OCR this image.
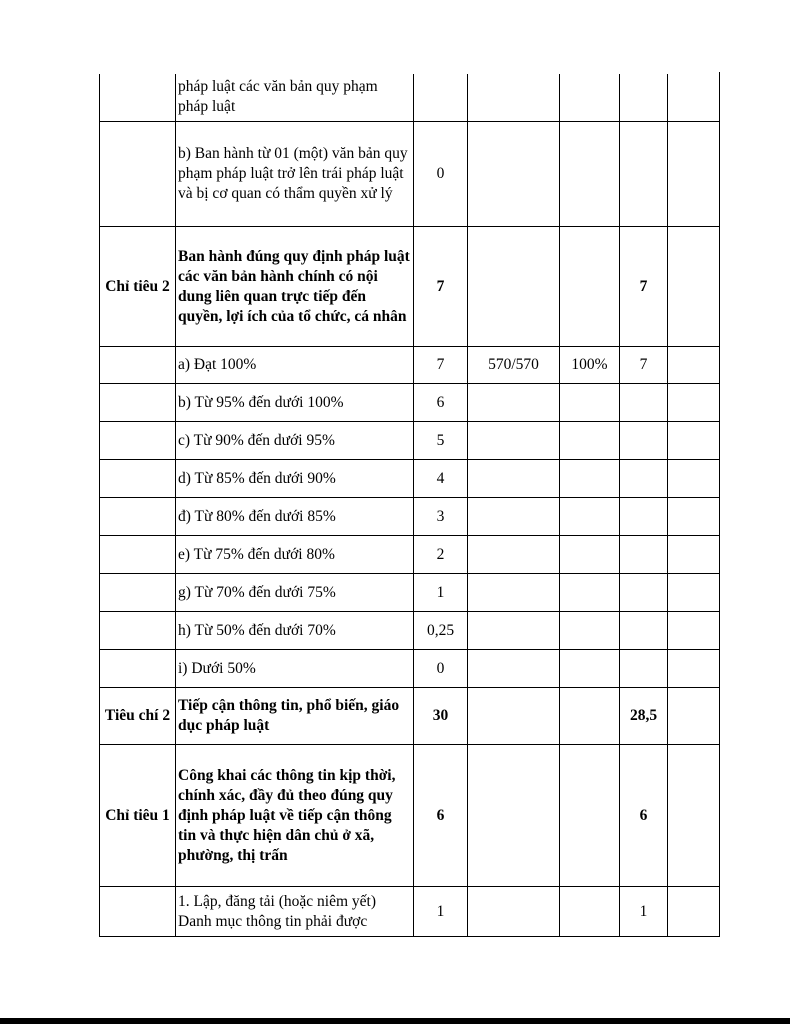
	pháp luật các văn bản quy phạm pháp luật					
	b) Ban hành từ 01 (một) văn bản quy phạm pháp luật trở lên trái pháp luật và bị cơ quan có thẩm quyền xử lý	0				
Chỉ tiêu 2	Ban hành đúng quy định pháp luật các văn bản hành chính có nội dung liên quan trực tiếp đến quyền, lợi ích của tổ chức, cá nhân	7			7	
	a) Đạt 100%	7	570/570	100%	7	
	b) Từ 95% đến dưới 100%	6				
	c) Từ 90% đến dưới 95%	5				
	d) Từ 85% đến dưới 90%	4				
	đ) Từ 80% đến dưới 85%	3				
	e) Từ 75% đến dưới 80%	2				
	g) Từ 70% đến dưới 75%	1				
	h) Từ 50% đến dưới 70%	0,25				
	i) Dưới 50%	0				
Tiêu chí 2	Tiếp cận thông tin, phổ biến, giáo dục pháp luật	30			28,5	
Chỉ tiêu 1	Công khai các thông tin kịp thời, chính xác, đầy đủ theo đúng quy định pháp luật về tiếp cận thông tin và thực hiện dân chủ ở xã, phường, thị trấn	6			6	
	1. Lập, đăng tải (hoặc niêm yết) Danh mục thông tin phải được	1			1	
